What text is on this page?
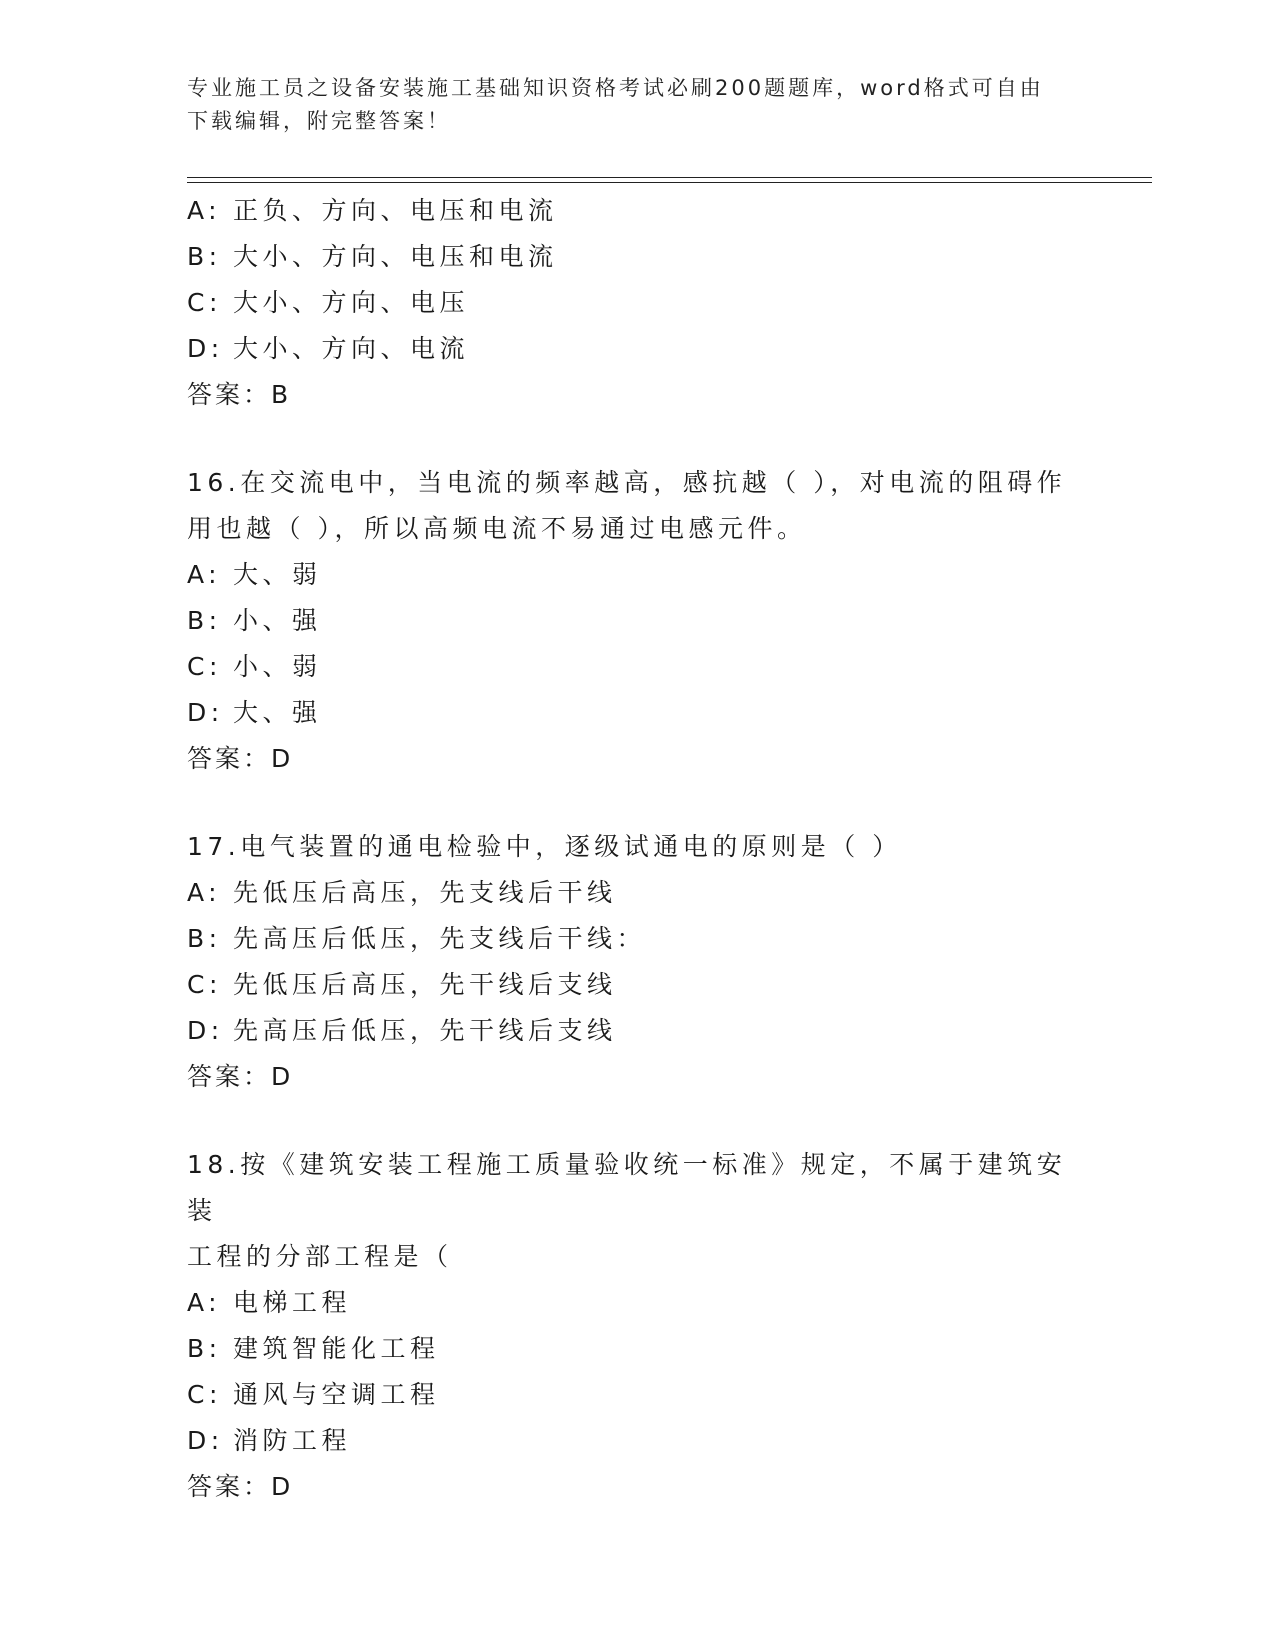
专业施工员之设备安装施工基础知识资格考试必刷200题题库，word格式可自由
下载编辑，附完整答案！
A: 正负、方向、电压和电流
B: 大小、方向、电压和电流
C: 大小、方向、电压
D: 大小、方向、电流
答案：B
16.在交流电中，当电流的频率越高，感抗越（ ），对电流的阻碍作
用也越（ ），所以高频电流不易通过电感元件。
A: 大、弱
B: 小、强
C: 小、弱
D: 大、强
答案：D
17.电气装置的通电检验中，逐级试通电的原则是（ ）
A: 先低压后高压，先支线后干线
B: 先高压后低压，先支线后干线：
C: 先低压后高压，先干线后支线
D: 先高压后低压，先干线后支线
答案：D
18.按《建筑安装工程施工质量验收统一标准》规定，不属于建筑安装
工程的分部工程是（
A: 电梯工程
B: 建筑智能化工程
C: 通风与空调工程
D: 消防工程
答案：D
